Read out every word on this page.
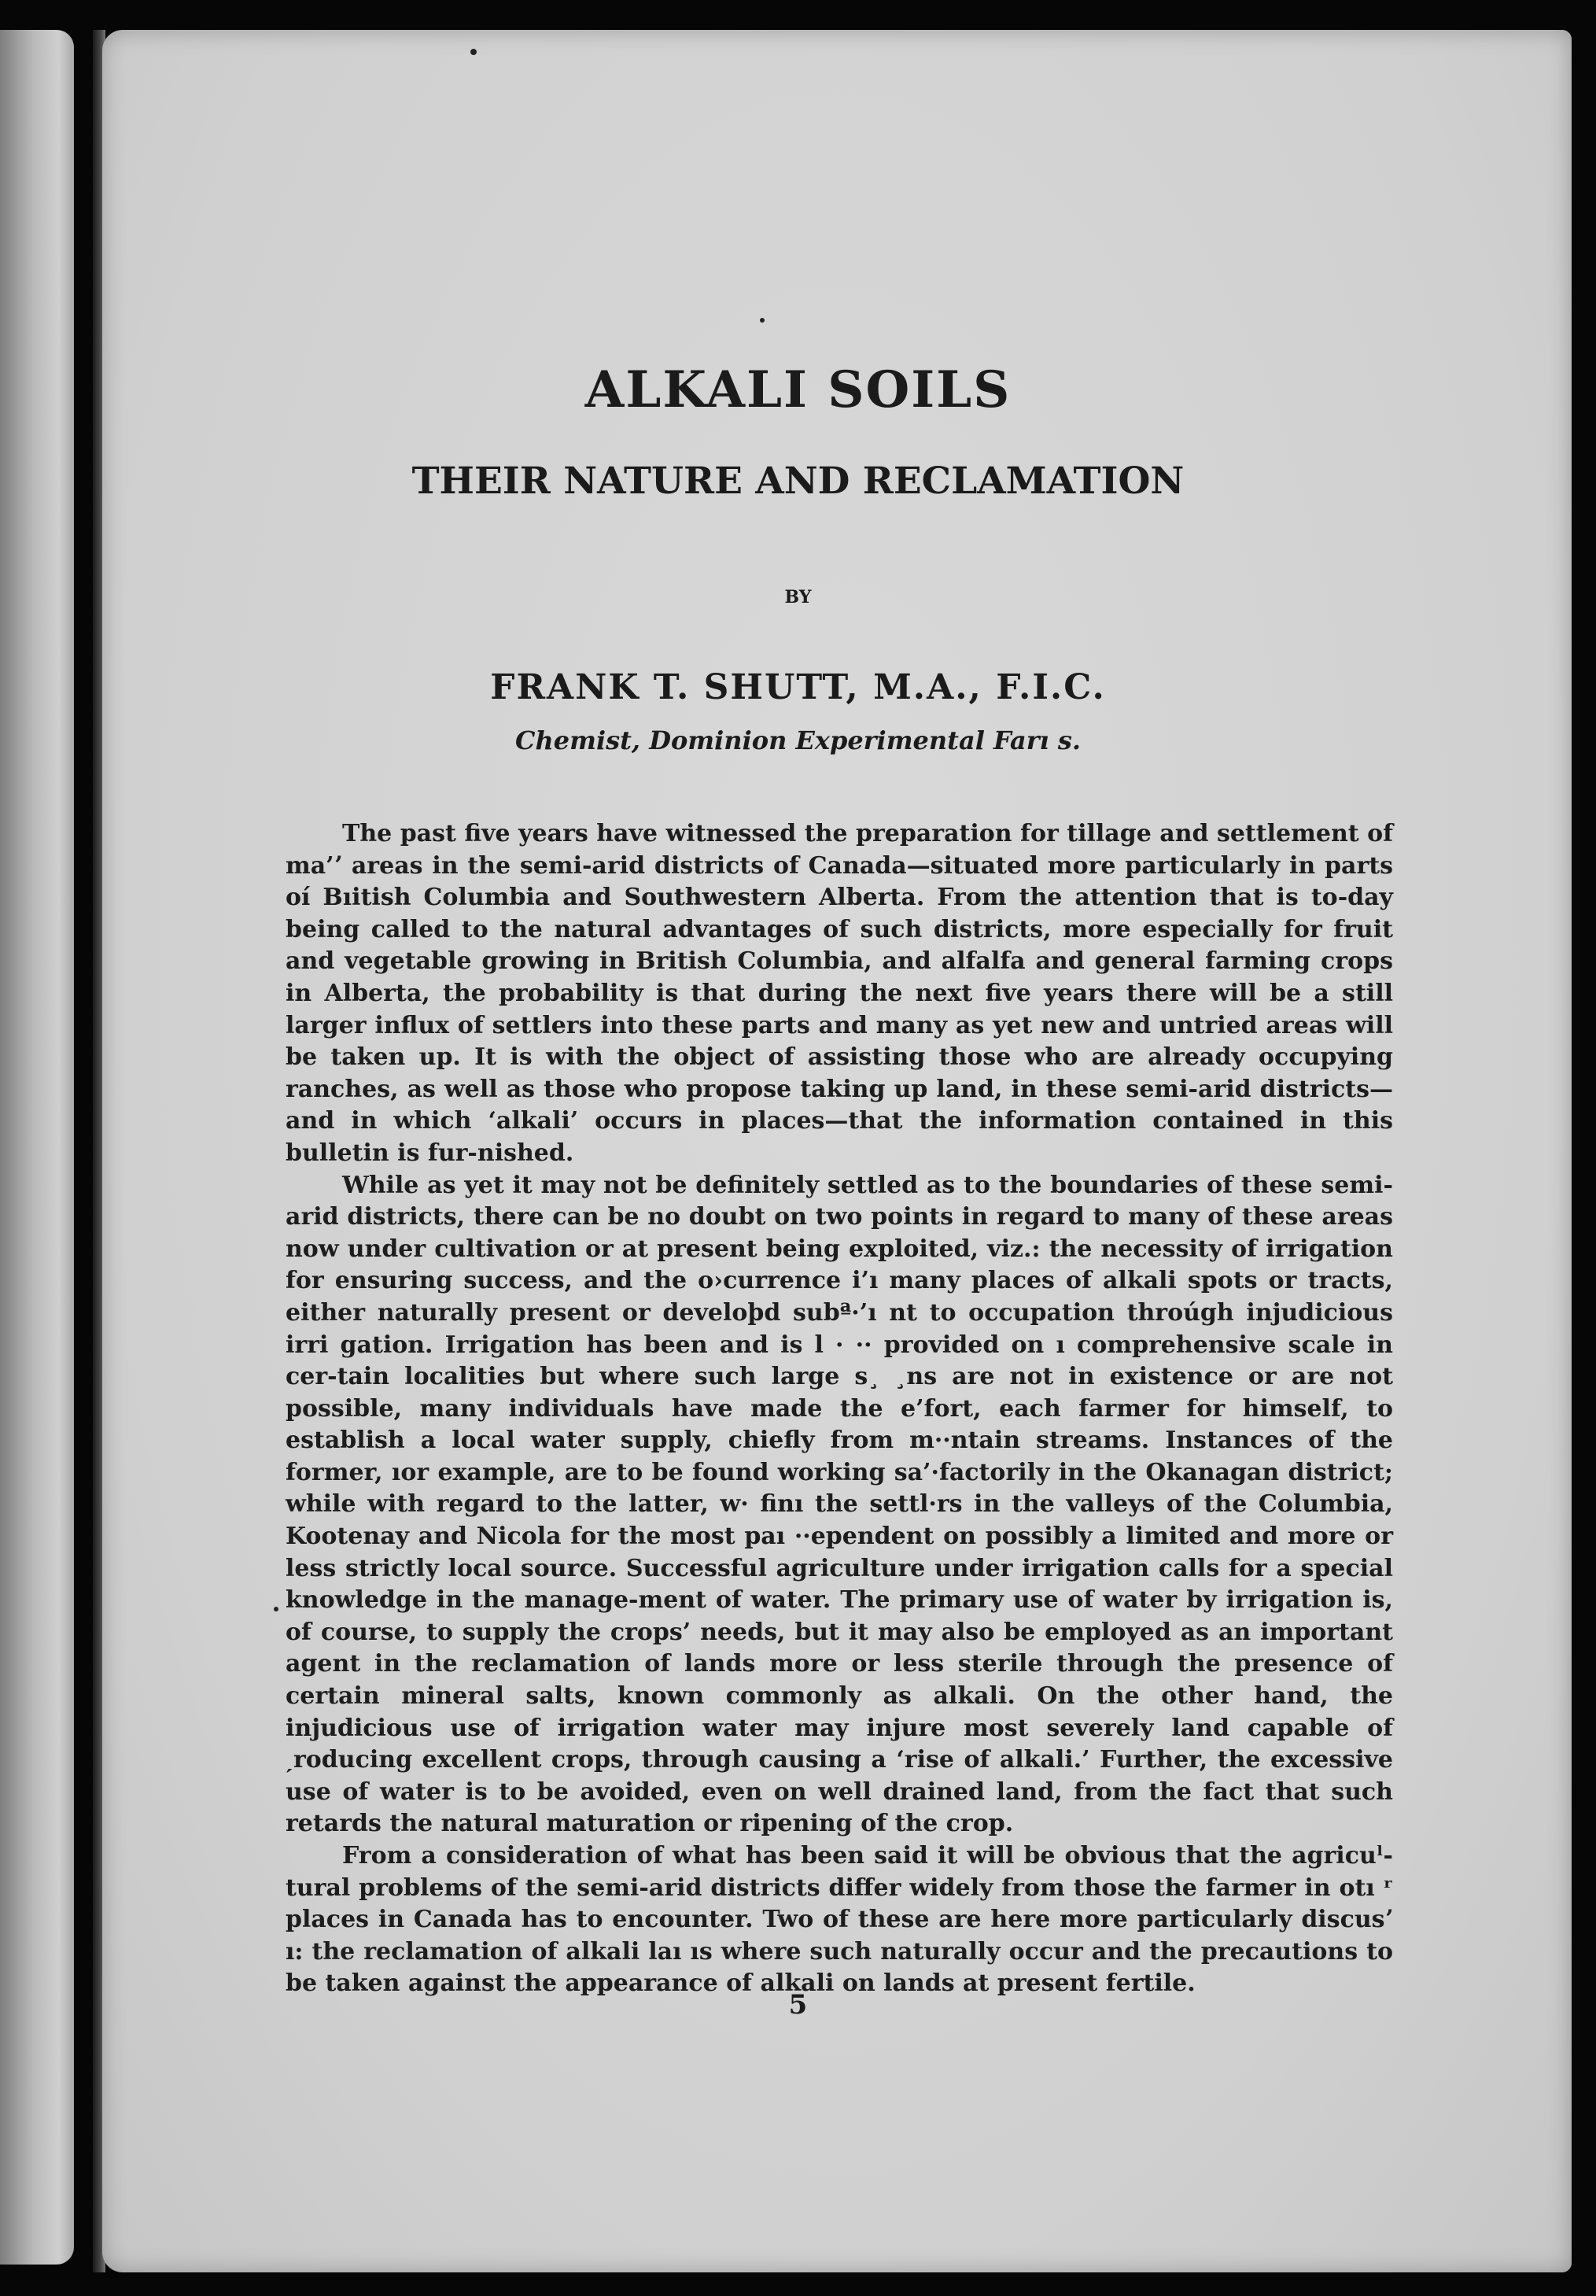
ALKALI SOILS
THEIR NATURE AND RECLAMATION
BY
FRANK T. SHUTT, M.A., F.I.C.
Chemist, Dominion Experimental Farı s.

The past five years have witnessed the preparation for tillage and settlement of ma’ʼ areas in the semi-arid districts of Canada—situated more particularly in parts oí Bıitish Columbia and Southwestern Alberta. From the attention that is to-day being called to the natural advantages of such districts, more especially for fruit and vegetable growing in British Columbia, and alfalfa and general farming crops in Alberta, the probability is that during the next five years there will be a still larger influx of settlers into these parts and many as yet new and untried areas will be taken up. It is with the object of assisting those who are already occupying ranches, as well as those who propose taking up land, in these semi-arid districts—and in which ‘alkali’ occurs in places—that the information contained in this bulletin is fur-nished.

While as yet it may not be definitely settled as to the boundaries of these semi-arid districts, there can be no doubt on two points in regard to many of these areas now under cultivation or at present being exploited, viz.: the necessity of irrigation for ensuring success, and the o›currence i’ı many places of alkali spots or tracts, either naturally present or develoþd subª·’ı nt to occupation throúgh injudicious irri gation. Irrigation has been and is l · ·· provided on ı comprehensive scale in cer-tain localities but where such large s¸ ¸ns are not in existence or are not possible, many individuals have made the e’fort, each farmer for himself, to establish a local water supply, chiefly from m··ntain streams. Instances of the former, ıor example, are to be found working sa’·factorily in the Okanagan district; while with regard to the latter, w· finı the settl·rs in the valleys of the Columbia, Kootenay and Nicola for the most paı ··ependent on possibly a limited and more or less strictly local source. Successful agriculture under irrigation calls for a special knowledge in the manage-ment of water. The primary use of water by irrigation is, of course, to supply the crops’ needs, but it may also be employed as an important agent in the reclamation of lands more or less sterile through the presence of certain mineral salts, known commonly as alkali. On the other hand, the injudicious use of irrigation water may injure most severely land capable of ˏroducing excellent crops, through causing a ‘rise of alkali.’ Further, the excessive use of water is to be avoided, even on well drained land, from the fact that such retards the natural maturation or ripening of the crop.

From a consideration of what has been said it will be obvious that the agricuˡ-tural problems of the semi-arid districts differ widely from those the farmer in otı ʳ places in Canada has to encounter. Two of these are here more particularly discusʼ ı: the reclamation of alkali laı ıs where such naturally occur and the precautions to be taken against the appearance of alkali on lands at present fertile.

5
